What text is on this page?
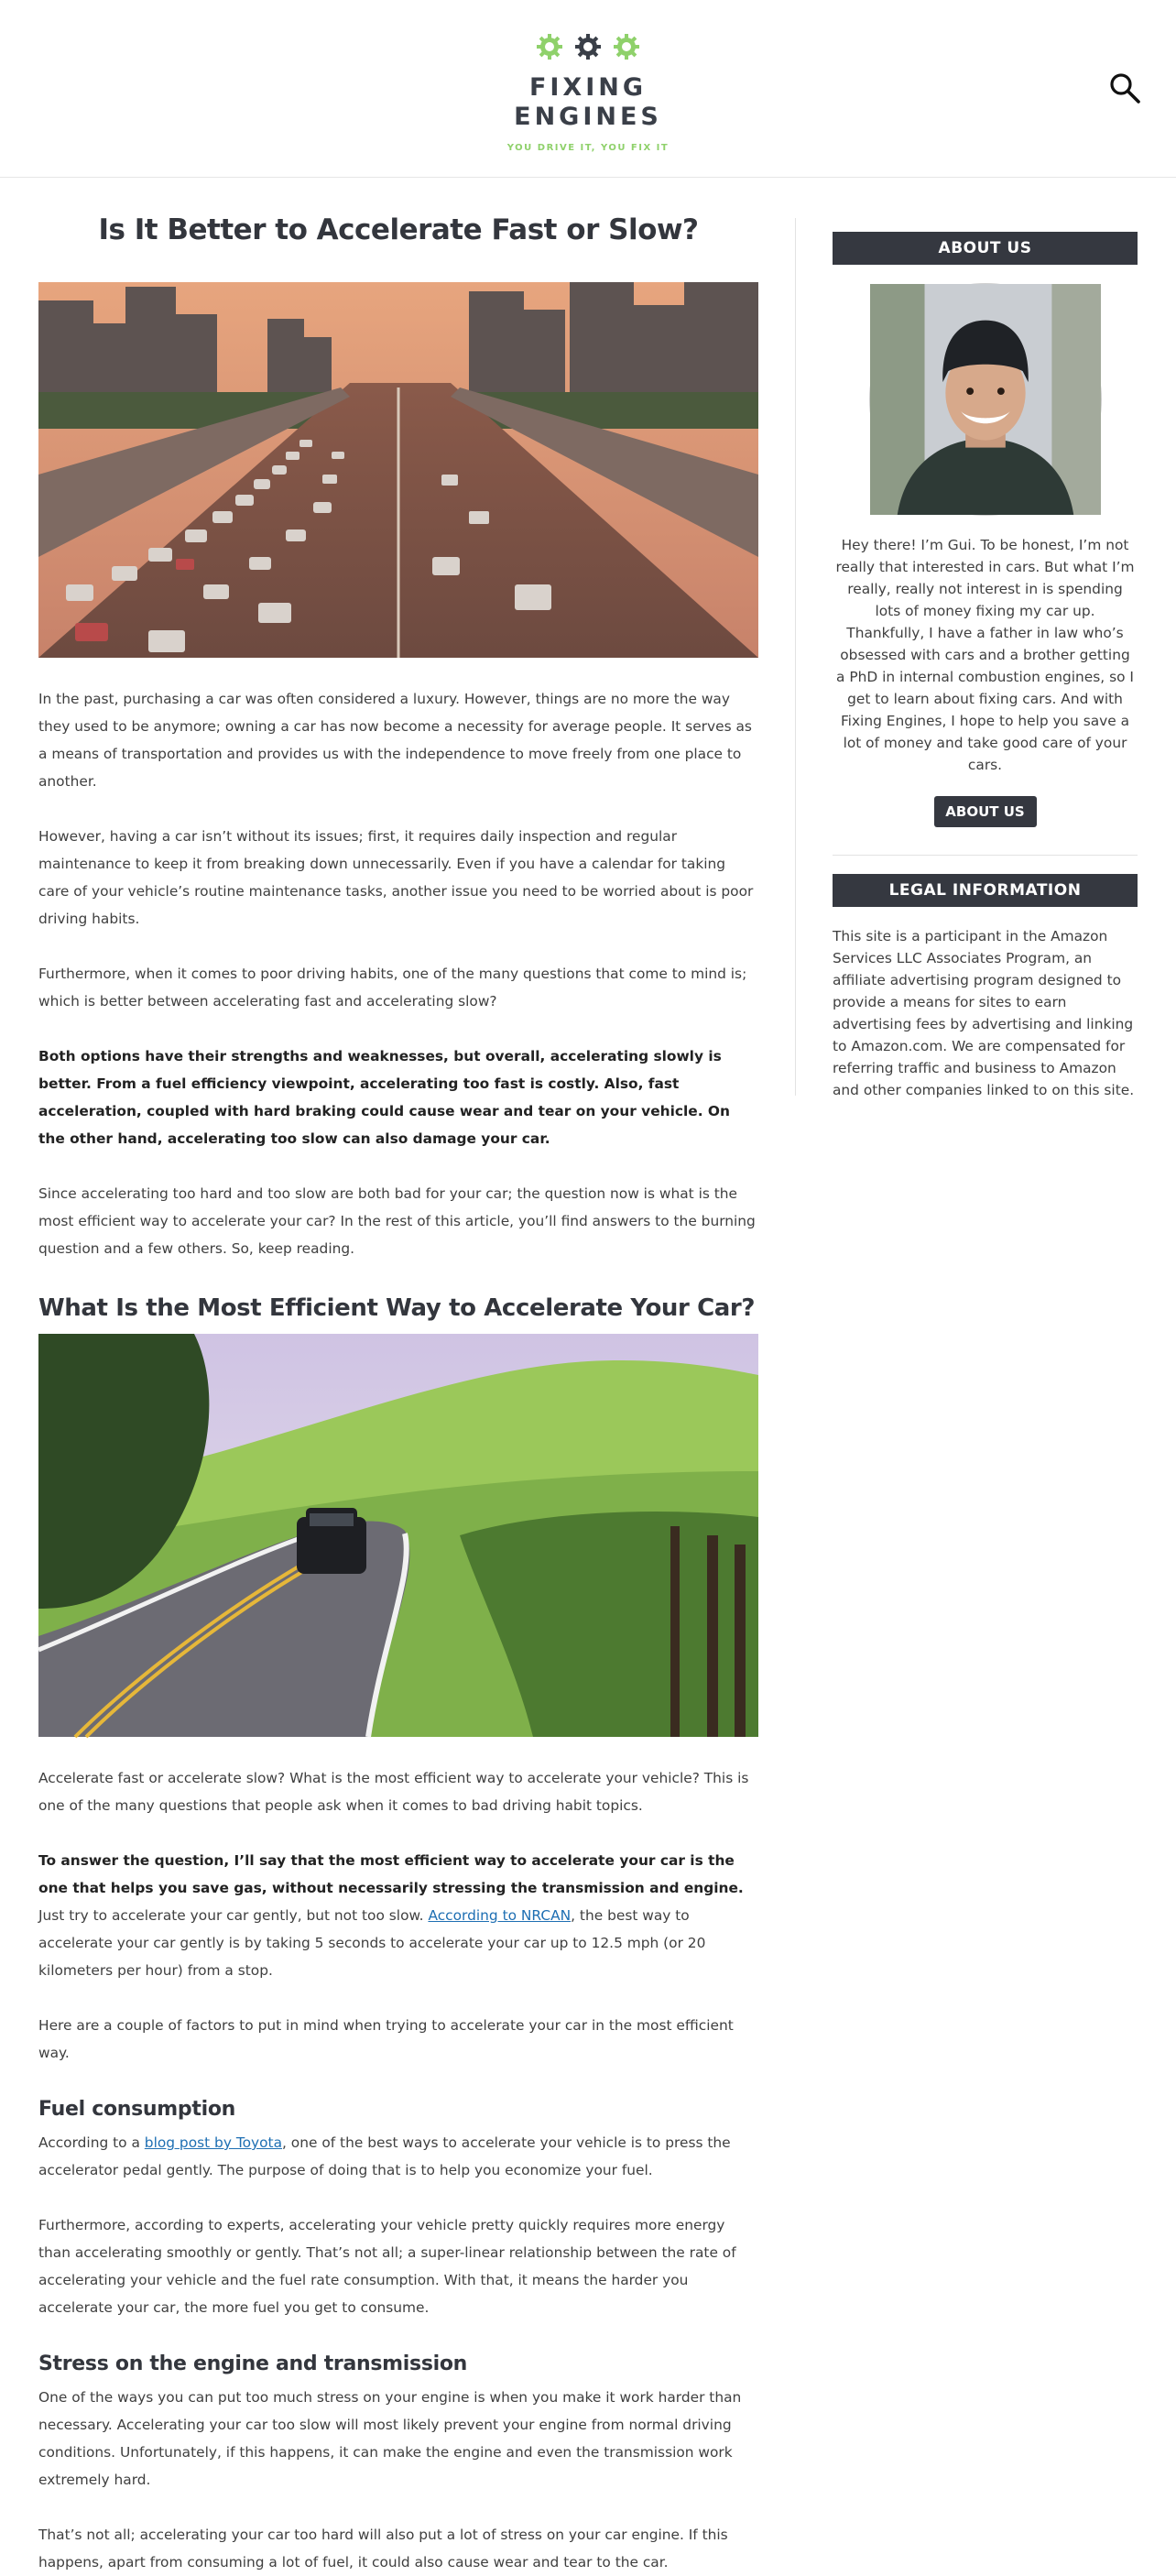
FIXING
ENGINES
YOU DRIVE IT, YOU FIX IT
Is It Better to Accelerate Fast or Slow?

In the past, purchasing a car was often considered a luxury. However, things are no more the way they used to be anymore; owning a car has now become a necessity for average people. It serves as a means of transportation and provides us with the independence to move freely from one place to another.

However, having a car isn’t without its issues; first, it requires daily inspection and regular maintenance to keep it from breaking down unnecessarily. Even if you have a calendar for taking care of your vehicle’s routine maintenance tasks, another issue you need to be worried about is poor driving habits.

Furthermore, when it comes to poor driving habits, one of the many questions that come to mind is; which is better between accelerating fast and accelerating slow?

Both options have their strengths and weaknesses, but overall, accelerating slowly is better. From a fuel efficiency viewpoint, accelerating too fast is costly. Also, fast acceleration, coupled with hard braking could cause wear and tear on your vehicle. On the other hand, accelerating too slow can also damage your car.

Since accelerating too hard and too slow are both bad for your car; the question now is what is the most efficient way to accelerate your car? In the rest of this article, you’ll find answers to the burning question and a few others. So, keep reading.

What Is the Most Efficient Way to Accelerate Your Car?

Accelerate fast or accelerate slow? What is the most efficient way to accelerate your vehicle? This is one of the many questions that people ask when it comes to bad driving habit topics.

To answer the question, I’ll say that the most efficient way to accelerate your car is the one that helps you save gas, without necessarily stressing the transmission and engine. Just try to accelerate your car gently, but not too slow. According to NRCAN, the best way to accelerate your car gently is by taking 5 seconds to accelerate your car up to 12.5 mph (or 20 kilometers per hour) from a stop.

Here are a couple of factors to put in mind when trying to accelerate your car in the most efficient way.

Fuel consumption

According to a blog post by Toyota, one of the best ways to accelerate your vehicle is to press the accelerator pedal gently. The purpose of doing that is to help you economize your fuel.

Furthermore, according to experts, accelerating your vehicle pretty quickly requires more energy than accelerating smoothly or gently. That’s not all; a super-linear relationship between the rate of accelerating your vehicle and the fuel rate consumption. With that, it means the harder you accelerate your car, the more fuel you get to consume.

Stress on the engine and transmission

One of the ways you can put too much stress on your engine is when you make it work harder than necessary. Accelerating your car too slow will most likely prevent your engine from normal driving conditions. Unfortunately, if this happens, it can make the engine and even the transmission work extremely hard.

That’s not all; accelerating your car too hard will also put a lot of stress on your car engine. If this happens, apart from consuming a lot of fuel, it could also cause wear and tear to the car.

ABOUT US

Hey there! I’m Gui. To be honest, I’m not really that interested in cars. But what I’m really, really not interest in is spending lots of money fixing my car up. Thankfully, I have a father in law who’s obsessed with cars and a brother getting a PhD in internal combustion engines, so I get to learn about fixing cars. And with Fixing Engines, I hope to help you save a lot of money and take good care of your cars.

ABOUT US
LEGAL INFORMATION

This site is a participant in the Amazon Services LLC Associates Program, an affiliate advertising program designed to provide a means for sites to earn advertising fees by advertising and linking to Amazon.com. We are compensated for referring traffic and business to Amazon and other companies linked to on this site.
